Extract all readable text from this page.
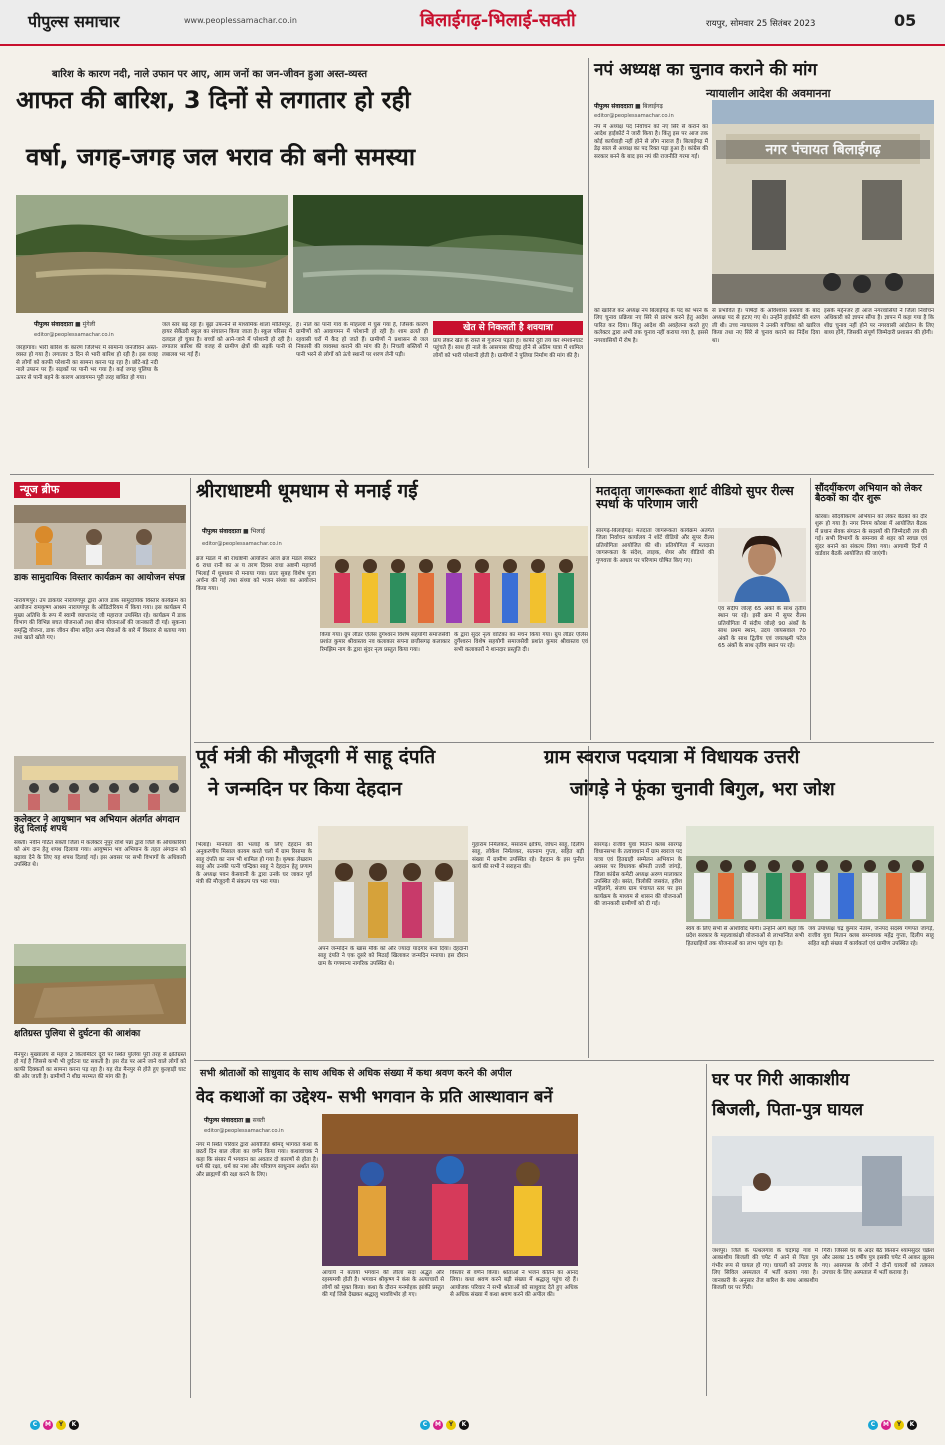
पीपुल्स समाचार	www.peoplessamachar.co.in	बिलाईगढ़-भिलाई-सक्ती	रायपुर, सोमवार 25 सितंबर 2023	05
बारिश के कारण नदी, नाले उफान पर आए, आम जनों का जन-जीवन हुआ अस्त-व्यस्त
आफत की बारिश, 3 दिनों से लगातार हो रही
वर्षा, जगह-जगह जल भराव की बनी समस्या
पीपुल्स संवाददाता ■ मुंगेली
editor@peoplessamachar.co.in
जरहागांव। भारी बारिश के कारण जिलेभर में सामान्य जनजीवन अस्त-व्यस्त हो गया है। लगातार 3 दिन से भारी बारिश हो रही है। इस वजह से लोगों को काफी परेशानी का सामना करना पड़ रहा है। छोटे-बड़े नदी नाले उफान पर हैं। सड़कों पर पानी भर गया है। कई जगह पुलिया के ऊपर से पानी बहने के कारण आवागमन पूरी तरह बाधित हो गया।
जल स्तर बढ़ रहा है। बूढ़ा उफनाने से माध्यमिक शाला मोतिमपुर, हायर सेकेंडरी स्कूल का संचालन किया जाता है। स्कूल परिसर में दलदल हो चुका है। बच्चों को आने-जाने में परेशानी हो रही है। लगातार बारिश की वजह से ग्रामीण क्षेत्रों की सड़कें पानी से लबालब भर गई हैं।
हैं। नाले का पानी गांव के मोहल्लों में घुस गया है, जिसके कारण ग्रामीणों को आवागमन में परेशानी हो रही है। शाम ढलते ही रहवासी घरों में कैद हो जाते हैं। ग्रामीणों ने प्रशासन से जल निकासी की व्यवस्था कराने की मांग की है। निचली बस्तियों में पानी भरने से लोगों को ऊंचे स्थानों पर शरण लेनी पड़ी।
खेत से निकलती है शवयात्रा
प्राय लेकर खेत के रास्ते से गुजरना पड़ता है। काफी दूरी तय कर श्मशानघाट पहुंचते हैं। साथ ही नाले के आसपास कीचड़ होने से अंतिम यात्रा में शामिल लोगों को भारी परेशानी होती है। ग्रामीणों ने पुलिया निर्माण की मांग की है।
नपं अध्यक्ष का चुनाव कराने की मांग
न्यायालीन आदेश की अवमानना
पीपुल्स संवाददाता ■ बिलाईगढ़
editor@peoplessamachar.co.in
नगर पंचायत बिलाईगढ़
नपं में अध्यक्ष पद निर्वाचन को नए सिरे से कराने का आदेश हाईकोर्ट ने जारी किया है। किंतु इस पर आज तक कोई कार्यवाही नहीं होने से लोग नाराज हैं। बिलाईगढ़ में डेढ़ साल से अध्यक्ष का पद रिक्त पड़ा हुआ है। कांग्रेस की सरकार बनने के बाद इस नपं की राजनीति गरमा गई।
को खारिज कर अध्यक्ष नपं बिलाईगढ़ के पद को भरने के लिए चुनाव प्रक्रिया नए सिरे से प्रारंभ करने हेतु आदेश पारित कर दिया। किंतु आदेश की अवहेलना करते हुए कलेक्टर द्वारा अभी तक चुनाव नहीं कराया गया है, इससे नगरवासियों में रोष है।
से प्रभावित है। पार्षदों के अविश्वास प्रस्ताव के बाद अध्यक्ष पद से हटाए गए थे। उन्होंने हाईकोर्ट की शरण ली थी। उच्च न्यायालय ने उनकी याचिका को खारिज किया तथा नए सिरे से चुनाव कराने का निर्देश दिया था।
इसके मद्देनजर ही आज नगरवासियों ने जिला निर्वाचन अधिकारी को ज्ञापन सौंपा है। ज्ञापन में कहा गया है कि शीघ्र चुनाव नहीं होने पर नगरवासी आंदोलन के लिए बाध्य होंगे, जिसकी संपूर्ण जिम्मेदारी प्रशासन की होगी।
न्यूज ब्रीफ
डाक सामुदायिक विस्तार कार्यक्रम का आयोजन संपन्न
नारायणपुर। उप डाकघर नारायणपुर द्वारा आज डाक सामुदायिक विस्तार कार्यक्रम का आयोजन रामकृष्ण आश्रम नारायणपुर के ऑडिटोरियम में किया गया। इस कार्यक्रम में मुख्य अतिथि के रूप में स्वामी व्याप्तानंद जी महाराज उपस्थित रहे। कार्यक्रम में डाक विभाग की विभिन्न बचत योजनाओं तथा बीमा योजनाओं की जानकारी दी गई। सुकन्या समृद्धि योजना, डाक जीवन बीमा सहित अन्य सेवाओं के बारे में विस्तार से बताया गया तथा खाते खोले गए।
कलेक्टर ने आयुष्मान भव अभियान अंतर्गत अंगदान हेतु दिलाई शपथ
सक्ती। नवीन गठित सक्ती जिला में कलेक्टर नूपुर राशि पन्ना द्वारा जिले के अधिकारियों को अंग दान हेतु शपथ दिलाया गया। आयुष्मान भव अभियान के तहत अंगदान को बढ़ावा देने के लिए यह शपथ दिलाई गई। इस अवसर पर सभी विभागों के अधिकारी उपस्थित थे।
क्षतिग्रस्त पुलिया से दुर्घटना की आशंका
मैनपुर। मुख्यालय से महज 2 किलोमीटर दूरी पर स्थित पुलिया पूरी तरह से क्षतिग्रस्त हो गई है जिससे कभी भी दुर्घटना घट सकती है। इस रोड पर आने जाने वाले लोगों को काफी दिक्कतों का सामना करना पड़ रहा है। यह रोड मैनपुर से होते हुए कुल्हाड़ी घाट की ओर जाती है। ग्रामीणों ने शीघ्र मरम्मत की मांग की है।
श्रीराधाष्टमी धूमधाम से मनाई गई
पीपुल्स संवाददाता ■ भिलाई
editor@peoplessamachar.co.in
ब्रज मंडल में श्री राधाष्टमी आयोजन आज ब्रज मंडल सेक्टर 6 राधा रानी का अ य तरण दिवस राधा अष्टमी महापर्व भिलाई में धूमधाम से मनाया गया। प्रातः सुबह विशेष पूजा अर्चना की गई तथा संध्या को भजन संध्या का आयोजन किया गया।
किया गया। ग्रुप लीडर एलिस दुर्गेश्वरन विशेष सहयोगी समाजसेवी प्रशांत कुमार श्रीवास्तव नव कलाकार सपना छत्तीसगढ़ कलाकार रिमझिम नाग के द्वारा सुंदर नृत्य प्रस्तुत किया गया।
के द्वारा सुंदर नृत्य वाटिका का मंचन किया गया। ग्रुप लीडर एलिस दुर्गेश्वरन विशेष सहयोगी समाजसेवी प्रशांत कुमार श्रीवास्तव एवं सभी कलाकारों ने शानदार प्रस्तुति दी।
मतदाता जागरूकता शार्ट वीडियो सुपर रील्स स्पर्धा के परिणाम जारी
सारंगढ़-बिलाईगढ़। मतदाता जागरूकता कार्यक्रम अंतर्गत जिला निर्वाचन कार्यालय ने शॉर्ट वीडियो और सुपर रील्स प्रतियोगिता आयोजित की थी। प्रतियोगिता में मतदाता जागरूकता के संदेश, लाइक, शेयर और वीडियो की गुणवत्ता के आधार पर परिणाम घोषित किए गए।
एवं संदीप जोल्हे 65 अंकों के साथ तृतीय स्थान पर रहे। इसी क्रम में सुपर रील्स प्रतियोगिता में संदीप जोल्हे 90 अंकों के साथ प्रथम स्थान, उदय जायसवाल 70 अंकों के साथ द्वितीय एवं जयलक्ष्मी पटेल 65 अंकों के साथ तृतीय स्थान पर रहे।
सौंदर्यीकरण अभियान को लेकर बैठकों का दौर शुरू
कोरबा। सौंदर्यीकरण अभियान को लेकर बैठकों का दौर शुरू हो गया है। नगर निगम कोरबा में आयोजित बैठक में प्रधान सेवक संगठन के सदस्यों की जिम्मेदारी तय की गई। सभी विभागों के समन्वय से शहर को स्वच्छ एवं सुंदर बनाने का संकल्प लिया गया। आगामी दिनों में वार्डवार बैठकें आयोजित की जाएंगी।
पूर्व मंत्री की मौजूदगी में साहू दंपति
ने जन्मदिन पर किया देहदान
भिलाई। मानवता की भलाई के लिए देहदान की अनुकरणीय मिसाल कायम करते चलो में ग्राम रिसामा के साहू दंपति का नाम भी शामिल हो गया है। कृषक लेखराम साहू और उनकी पत्नी चन्द्रिका साहू ने देहदान हेतु प्रणाम के अध्यक्ष पवन केसवानी के द्वारा उनके घर जाकर पूर्व मंत्री की मौजूदगी में संकल्प पत्र भरा गया।
अपने जन्मदिन के खास मौके को और ज्यादा यादगार बना दिया। देहदानी साहू दंपति ने एक दूसरे को मिठाई खिलाकर जन्मदिन मनाया। इस दौरान ग्राम के गणमान्य नागरिक उपस्थित थे।
गुहाराम निर्मलकर, मंसाराम क्षत्रिय, जोधन साहू, दिलीप साहू, लोकेश निर्मलकर, सतनाम गुप्ता, सहित बड़ी संख्या में ग्रामीण उपस्थित रहे। देहदान के इस पुनीत कार्य की सभी ने सराहना की।
ग्राम स्वराज पदयात्रा में विधायक उत्तरी
जांगड़े ने फूंका चुनावी बिगुल, भरा जोश
सारंगढ़। राजीव युवा मितान क्लब सारंगढ़ विधानसभा के तत्वावधान में ग्राम स्वराज पद यात्रा एवं हितग्राही सम्मेलन अभियान के अवसर पर विधायक श्रीमती उत्तरी जांगड़े, जिला कांग्रेस कमेटी अध्यक्ष अरुण मालाकार उपस्थित रहे। बसंत, त्रिलोकी जसवंत, हरीश महिलांगे, संजय ग्राम पंचायत स्तर पर इस कार्यक्रम के माध्यम से शासन की योजनाओं की जानकारी ग्रामीणों को दी गई।
स्वयं के लिए सभी से आशीर्वाद मांगी। उन्होंने आगे कहा कि प्रदेश सरकार के महत्वाकांक्षी योजनाओं से लाभान्वित सभी हितग्राहियों तक योजनाओं का लाभ पहुंच रहा है।
जय उपाध्यक्ष चंद्र कुमार नेताम, जनपद सदस्य गणपत जांगड़े, राजीव युवा मितान क्लब समन्वयक महेंद्र गुप्ता, दिलीप साहू सहित बड़ी संख्या में कार्यकर्ता एवं ग्रामीण उपस्थित रहे।
सभी श्रोताओं को साधुवाद के साथ अधिक से अधिक संख्या में कथा श्रवण करने की अपील
वेद कथाओं का उद्देश्य- सभी भगवान के प्रति आस्थावान बनें
पीपुल्स संवाददाता ■ सक्ती
editor@peoplessamachar.co.in
नगर में स्थित परिवार द्वारा आयोजित श्रीमद् भागवत कथा के छठवें दिन बाल लीला का वर्णन किया गया। कथावाचक ने कहा कि संसार में भगवान का अवतार दो कारणों से होता है। धर्म की रक्षा, धर्म का नाश और परित्राण साधुनाम अर्थात संत और ब्राह्मणों की रक्षा करने के लिए।
आचार्य ने बताया भगवान की लीला सदा अद्भुत और रहस्यमयी होती है। भगवान श्रीकृष्ण ने कंस के अत्याचारों से लोगों को मुक्त किया। कथा के दौरान मनमोहक झांकी प्रस्तुत की गई जिसे देखकर श्रद्धालु भावविभोर हो गए।
विस्तार से वर्णन किया। श्रोताओं ने भजन कीर्तन का आनंद लिया। कथा श्रवण करने बड़ी संख्या में श्रद्धालु पहुंच रहे हैं। आयोजक परिवार ने सभी श्रोताओं को साधुवाद देते हुए अधिक से अधिक संख्या में कथा श्रवण करने की अपील की।
घर पर गिरी आकाशीय
बिजली, पिता-पुत्र घायल
जशपुर। जिले के पत्थलगांव के चंदागढ़ गांव में आकाशीय बिजली की चपेट में आने से पिता पुत्र गंभीर रूप से घायल हो गए। घायलों को उपचार के लिए सिविल अस्पताल में भर्ती कराया गया है। जानकारी के अनुसार तेज बारिश के साथ आकाशीय बिजली घर पर गिरी।
गिरी। जिससे घर के अंदर बैठे किसान श्यामसुंदर चक्रेश और उसका 15 वर्षीय पुत्र इसकी चपेट में आकर झुलस गए। आसपास के लोगों ने दोनों घायलों को तत्काल उपचार के लिए अस्पताल में भर्ती कराया है।
C	M	Y	K	C	M	Y	K	C	M	Y	K
